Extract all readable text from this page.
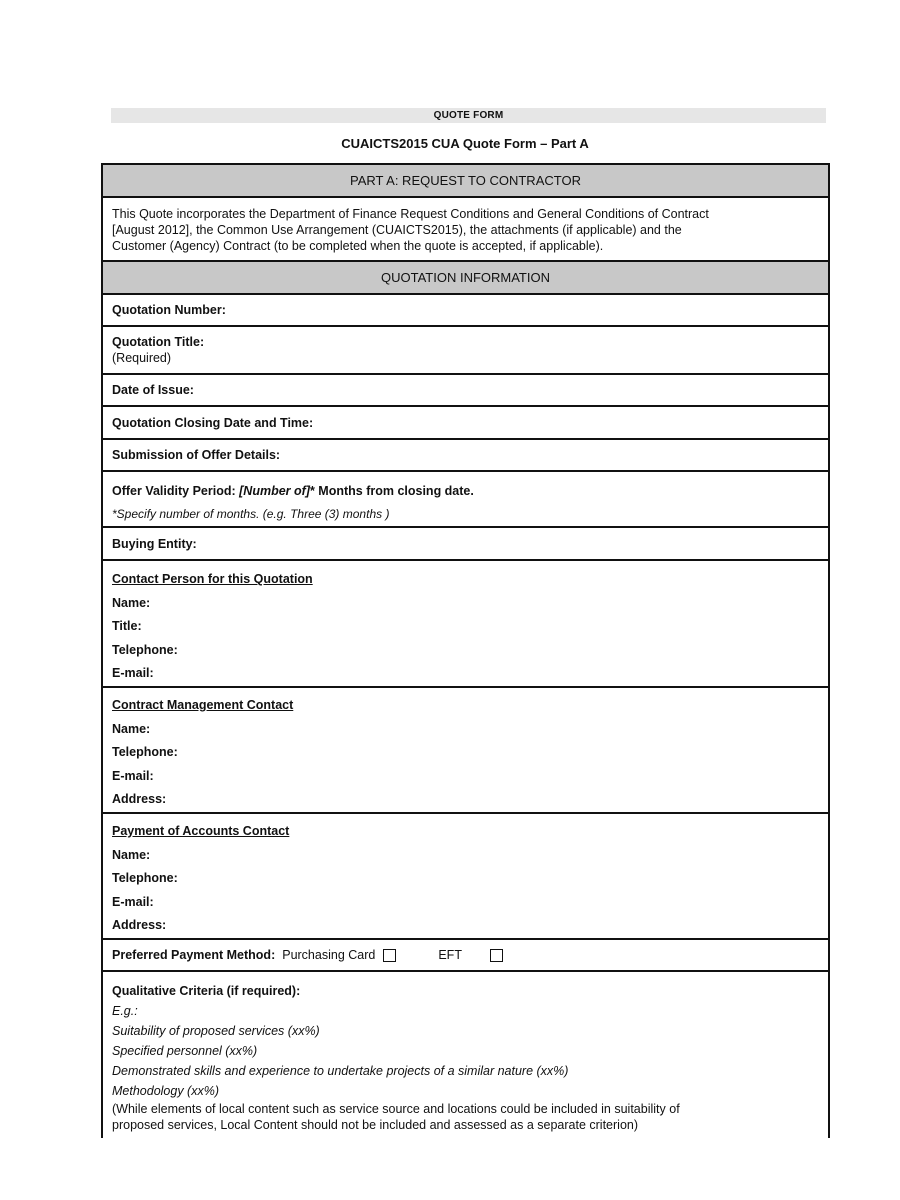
QUOTE FORM
CUAICTS2015 CUA Quote Form – Part A
PART A: REQUEST TO CONTRACTOR
This Quote incorporates the Department of Finance Request Conditions and General Conditions of Contract
[August 2012], the Common Use Arrangement (CUAICTS2015), the attachments (if applicable) and the
Customer (Agency) Contract (to be completed when the quote is accepted, if applicable).
QUOTATION INFORMATION
Quotation Number:
Quotation Title:
(Required)
Date of Issue:
Quotation Closing Date and Time:
Submission of Offer Details:
Offer Validity Period: [Number of]* Months from closing date.
*Specify number of months. (e.g. Three (3) months )
Buying Entity:
Contact Person for this Quotation
Name:
Title:
Telephone:
E-mail:
Contract Management Contact
Name:
Telephone:
E-mail:
Address:
Payment of Accounts Contact
Name:
Telephone:
E-mail:
Address:
Preferred Payment Method: Purchasing Card	EFT
Qualitative Criteria (if required):
E.g.:
Suitability of proposed services (xx%)
Specified personnel (xx%)
Demonstrated skills and experience to undertake projects of a similar nature (xx%)
Methodology (xx%)
(While elements of local content such as service source and locations could be included in suitability of
proposed services, Local Content should not be included and assessed as a separate criterion)
